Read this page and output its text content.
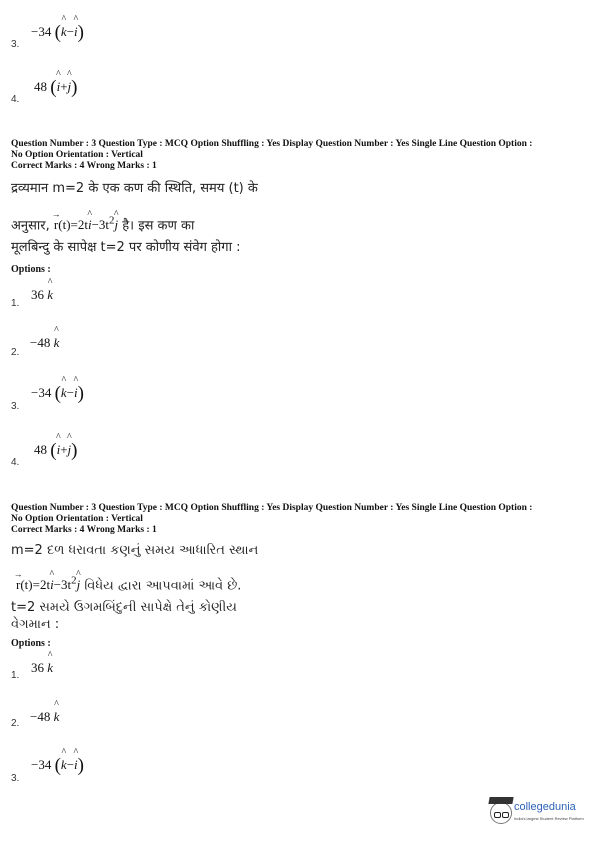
3.
−34 (^ k−^ i)
4.
48 (^ i+^ j)
Question Number : 3 Question Type : MCQ Option Shuffling : Yes Display Question Number : Yes Single Line Question Option :
No Option Orientation : Vertical
Correct Marks : 4 Wrong Marks : 1
द्रव्यमान m=2 के एक कण की स्थिति, समय (t) के
अनुसार, → r(t)=2t^ $i-3t^2\^{}$ j है। इस कण का
मूलबिन्दु के सापेक्ष t=2 पर कोणीय संवेग होगा :
Options :
1.
36 ^ k
2.
−48 ^ k
3.
−34 (^ k−^ i)
4.
48 (^ i+^ j)
Question Number : 3 Question Type : MCQ Option Shuffling : Yes Display Question Number : Yes Single Line Question Option :
No Option Orientation : Vertical
Correct Marks : 4 Wrong Marks : 1
m=2 દળ ધરાવતા કણનું સમય આધારિત સ્થાન
→ r(t)=2t^ $i-3t^2\^{}$ j વિધેય દ્વારા આપવામાં આવે છે.
t=2 સમયે ઉગમબિંદુની સાપેક્ષે તેનું કોણીય
વેગમાન :
Options :
1.
36 ^ k
2. −48 ^ k
3.
−34 (^ k−^ i)
collegedunia
India's largest Student Review Platform
